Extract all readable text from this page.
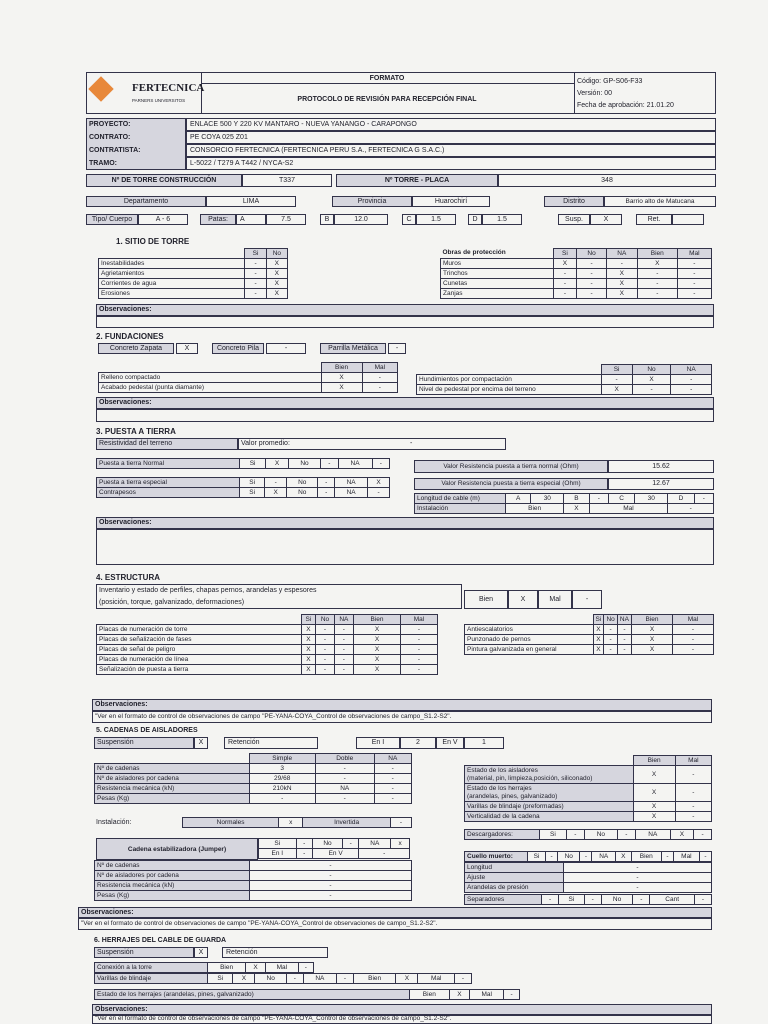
FERTECNICA
PARNERS UNIVERSITOS
FORMATO
PROTOCOLO DE REVISIÓN PARA RECEPCIÓN FINAL
Código: GP-S06-F33
Versión: 00
Fecha de aprobación: 21.01.20
PROYECTO:	ENLACE 500 Y 220 KV MANTARO - NUEVA YANANGO - CARAPONGO
CONTRATO:	PE COYA 025 Z01
CONTRATISTA:	CONSORCIO FERTECNICA (FERTECNICA PERU S.A., FERTECNICA G S.A.C.)
TRAMO:	L-5022 / T279 A T442 / NYCA-S2
Nº DE TORRE CONSTRUCCIÓN	T337	Nº TORRE - PLACA	348
Departamento	LIMA	Provincia	Huarochirí	Distrito	Barrio alto de Matucana
Tipo/ Cuerpo	A - 6	Patas:	A	7.5	B	12.0	C	1.5	D	1.5	Susp.	X	Ret.
1. SITIO DE TORRE
	Si	No
Inestabilidades	-	X
Agrietamientos	-	X
Corrientes de agua	-	X
Erosiones	-	X
Obras de protección	Si	No	NA	Bien	Mal
Muros	X	-	-	X	-
Trinchos	-	-	X	-	-
Cunetas	-	-	X	-	-
Zanjas	-	-	X	-	-
Observaciones:
2. FUNDACIONES
Concreto Zapata	X	Concreto Pila	-	Parrilla Metálica	-
	Bien	Mal
Relleno compactado	X	-
Acabado pedestal (punta diamante)	X	-
	Si	No	NA
Hundimientos por compactación	-	X	-
Nivel de pedestal por encima del terreno	X	-	-
Observaciones:
3. PUESTA A TIERRA
Resistividad del terreno	Valor promedio:	-
Puesta a tierra Normal	Si	X	No	-	NA	-
Puesta a tierra especial	Si	-	No	-	NA	X
Contrapesos	Si	X	No	-	NA	-
Valor Resistencia puesta a tierra normal (Ohm)	15.62
Valor Resistencia puesta a tierra especial (Ohm)	12.67
Longitud de cable (m)	A	30	B	-	C	30	D	-
Instalación	Bien		X	Mal			-	
Observaciones:
4. ESTRUCTURA
Inventario y estado de perfiles, chapas pernos, arandelas y espesores
(posición, torque, galvanizado, deformaciones)	Bien	X	Mal	-
	Si	No	NA	Bien	Mal
Placas de numeración de torre	X	-	-	X	-
Placas de señalización de fases	X	-	-	X	-
Placas de señal de peligro	X	-	-	X	-
Placas de numeración de línea	X	-	-	X	-
Señalización de puesta a tierra	X	-	-	X	-
	Si	No	NA	Bien	Mal
Antiescalatorios	X	-	-	X	-
Punzonado de pernos	X	-	-	X	-
Pintura galvanizada en general	X	-	-	X	-
Observaciones:
"Ver en el formato de control de observaciones de campo "PE-YANA-COYA_Control de observaciones de campo_S1.2-S2".
5. CADENAS DE AISLADORES
Suspensión	X	Retención	En I	2	En V	1
	Simple	Doble	NA
Nº de cadenas	3	-	-
Nº de aisladores por cadena	29/68	-	-
Resistencia mecánica (kN)	210kN	NA	-
Pesas (Kg)	-	-	-
	Bien	Mal
Estado de los aisladores
(material, pin, limpieza,posición, siliconado)	X	-
Estado de los herrajes
(arandelas, pines, galvanizado)	X	-
Varillas de blindaje (preformadas)	X	-
Verticalidad de la cadena	X	-
Descargadores:	Si	-	No	-	NA	X	-
Instalación:	Normales	x	Invertida	-
Cadena estabilizadora (Jumper)
Si	-	No	-	NA	x
En I	-	En V		-	
Nº de cadenas	-
Nº de aisladores por cadena	-
Resistencia mecánica (kN)	-
Pesas (Kg)	-
Cuello muerto:	Si	-	No	-	NA	X	Bien	-	Mal	-
Longitud	-
Ajuste	-
Arandelas de presión	-
Separadores	-	Si	-	No	-	Cant	-
Observaciones:
"Ver en el formato de control de observaciones de campo "PE-YANA-COYA_Control de observaciones de campo_S1.2-S2".
6. HERRAJES DEL CABLE DE GUARDA
Suspensión	X	Retención
Conexión a la torre	Bien	X	Mal	-
Varillas de blindaje	Si	X	No	-	NA	-	Bien	X	Mal	-
Estado de los herrajes (arandelas, pines, galvanizado)	Bien	X	Mal	-
Observaciones:
"Ver en el formato de control de observaciones de campo "PE-YANA-COYA_Control de observaciones de campo_S1.2-S2".
